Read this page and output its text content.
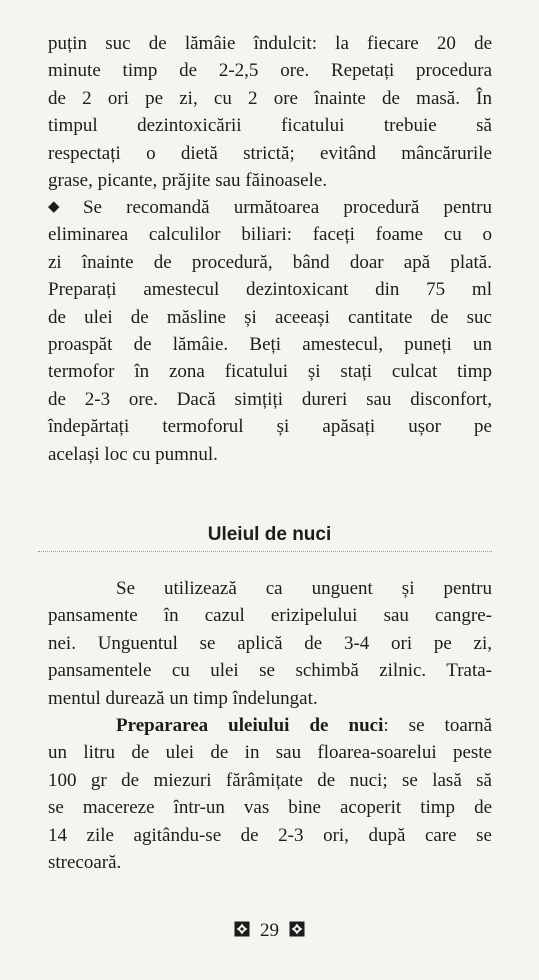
puțin suc de lămâie îndulcit: la fiecare 20 de
minute timp de 2-2,5 ore. Repetați procedura
de 2 ori pe zi, cu 2 ore înainte de masă. În
timpul dezintoxicării ficatului trebuie să
respectați o dietă strictă; evitând mâncărurile
grase, picante, prăjite sau făinoasele.
◆ Se recomandă următoarea procedură pentru
eliminarea calculilor biliari: faceți foame cu o
zi înainte de procedură, bând doar apă plată.
Preparați amestecul dezintoxicant din 75 ml
de ulei de măsline și aceeași cantitate de suc
proaspăt de lămâie. Beți amestecul, puneți un
termofor în zona ficatului și stați culcat timp
de 2-3 ore. Dacă simțiți dureri sau disconfort,
îndepărtați termoforul și apăsați ușor pe
același loc cu pumnul.
Uleiul de nuci
Se utilizează ca unguent și pentru
pansamente în cazul erizipelului sau cangre-
nei. Unguentul se aplică de 3-4 ori pe zi,
pansamentele cu ulei se schimbă zilnic. Trata-
mentul durează un timp îndelungat.
Prepararea uleiului de nuci: se toarnă
un litru de ulei de in sau floarea-soarelui peste
100 gr de miezuri fărâmițate de nuci; se lasă să
se macereze într-un vas bine acoperit timp de
14 zile agitându-se de 2-3 ori, după care se
strecoară.
29
